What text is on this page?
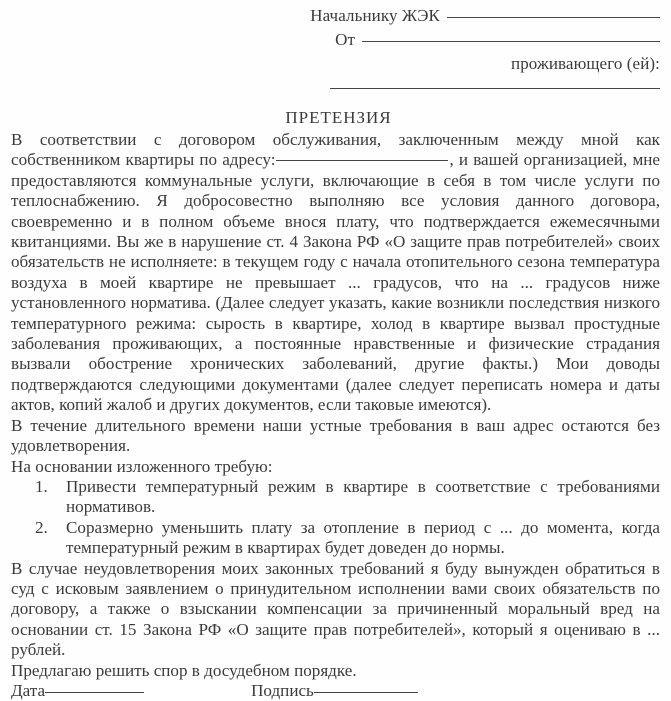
Начальнику ЖЭК
От
проживающего (ей):
ПРЕТЕНЗИЯ

В соответствии с договором обслуживания, заключенным между мной как собственником квартиры по адресу:	, и вашей организацией, мне предоставляются коммунальные услуги, включающие в себя в том числе услуги по теплоснабжению. Я добросовестно выполняю все условия данного договора, своевременно и в полном объеме внося плату, что подтверждается ежемесячными квитанциями. Вы же в нарушение ст. 4 Закона РФ «О защите прав потребителей» своих обязательств не исполняете: в текущем году с начала отопительного сезона температура воздуха в моей квартире не превышает ... градусов, что на ... градусов ниже установленного норматива. (Далее следует указать, какие возникли последствия низкого температурного режима: сырость в квартире, холод в квартире вызвал простудные заболевания проживающих, а постоянные нравственные и физические страдания вызвали обострение хронических заболеваний, другие факты.) Мои доводы подтверждаются следующими документами (далее следует переписать номера и даты актов, копий жалоб и других документов, если таковые имеются).

В течение длительного времени наши устные требования в ваш адрес остаются без удовлетворения.

На основании изложенного требую:

1. Привести температурный режим в квартире в соответствие с требованиями нормативов.
2. Соразмерно уменьшить плату за отопление в период с ... до момента, когда температурный режим в квартирах будет доведен до нормы.

В случае неудовлетворения моих законных требований я буду вынужден обратиться в суд с исковым заявлением о принудительном исполнении вами своих обязательств по договору, а также о взыскании компенсации за причиненный моральный вред на основании ст. 15 Закона РФ «О защите прав потребителей», который я оцениваю в ... рублей.

Предлагаю решить спор в досудебном порядке.

Дата	Подпись
